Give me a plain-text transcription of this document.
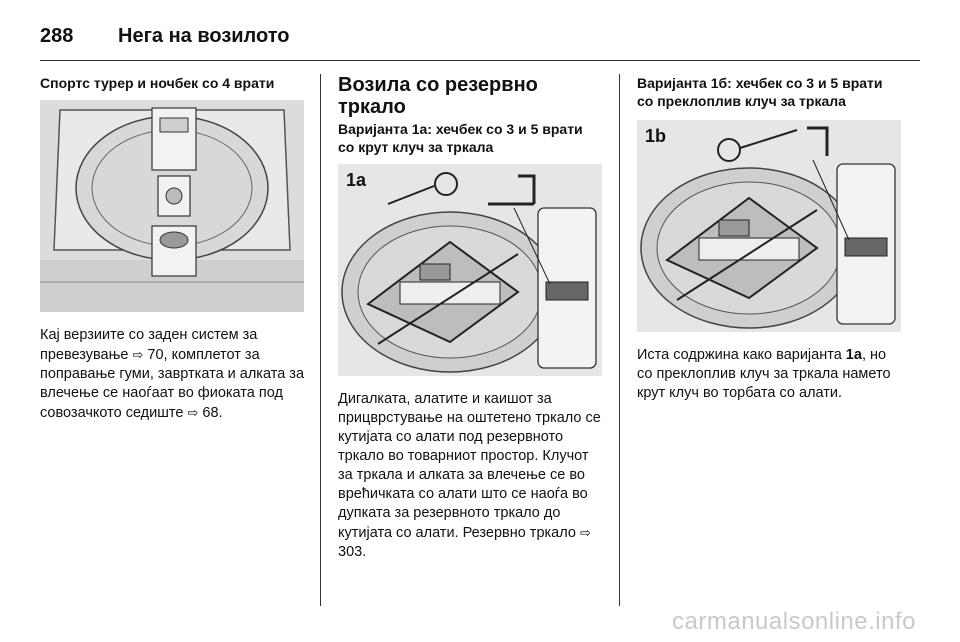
288	Нега на возилото

Спортс турер и ночбек со 4 врати

Кај верзиите со заден систем за превезување ⇨ 70, комплетот за поправање гуми, завртката и алката за влечење се наоѓаат во фиоката под совозачкото седиште ⇨ 68.

Возила со резервно тркало

Варијанта 1а: хечбек со 3 и 5 врати со крут клуч за тркала

1a

Дигалката, алатите и каишот за прицврстување на оштетено тркало се кутијата со алати под резервното тркало во товарниот простор. Клучот за тркала и алката за влечење се во врећичката со алати што се наоѓа во дупката за резервното тркало до кутијата со алати. Резервно тркало ⇨ 303.

Варијанта 1б: хечбек со 3 и 5 врати со преклоплив клуч за тркала

1b

Иста содржина како варијанта 1а, но со преклоплив клуч за тркала намето крут клуч во торбата со алати.

carmanualsonline.info
